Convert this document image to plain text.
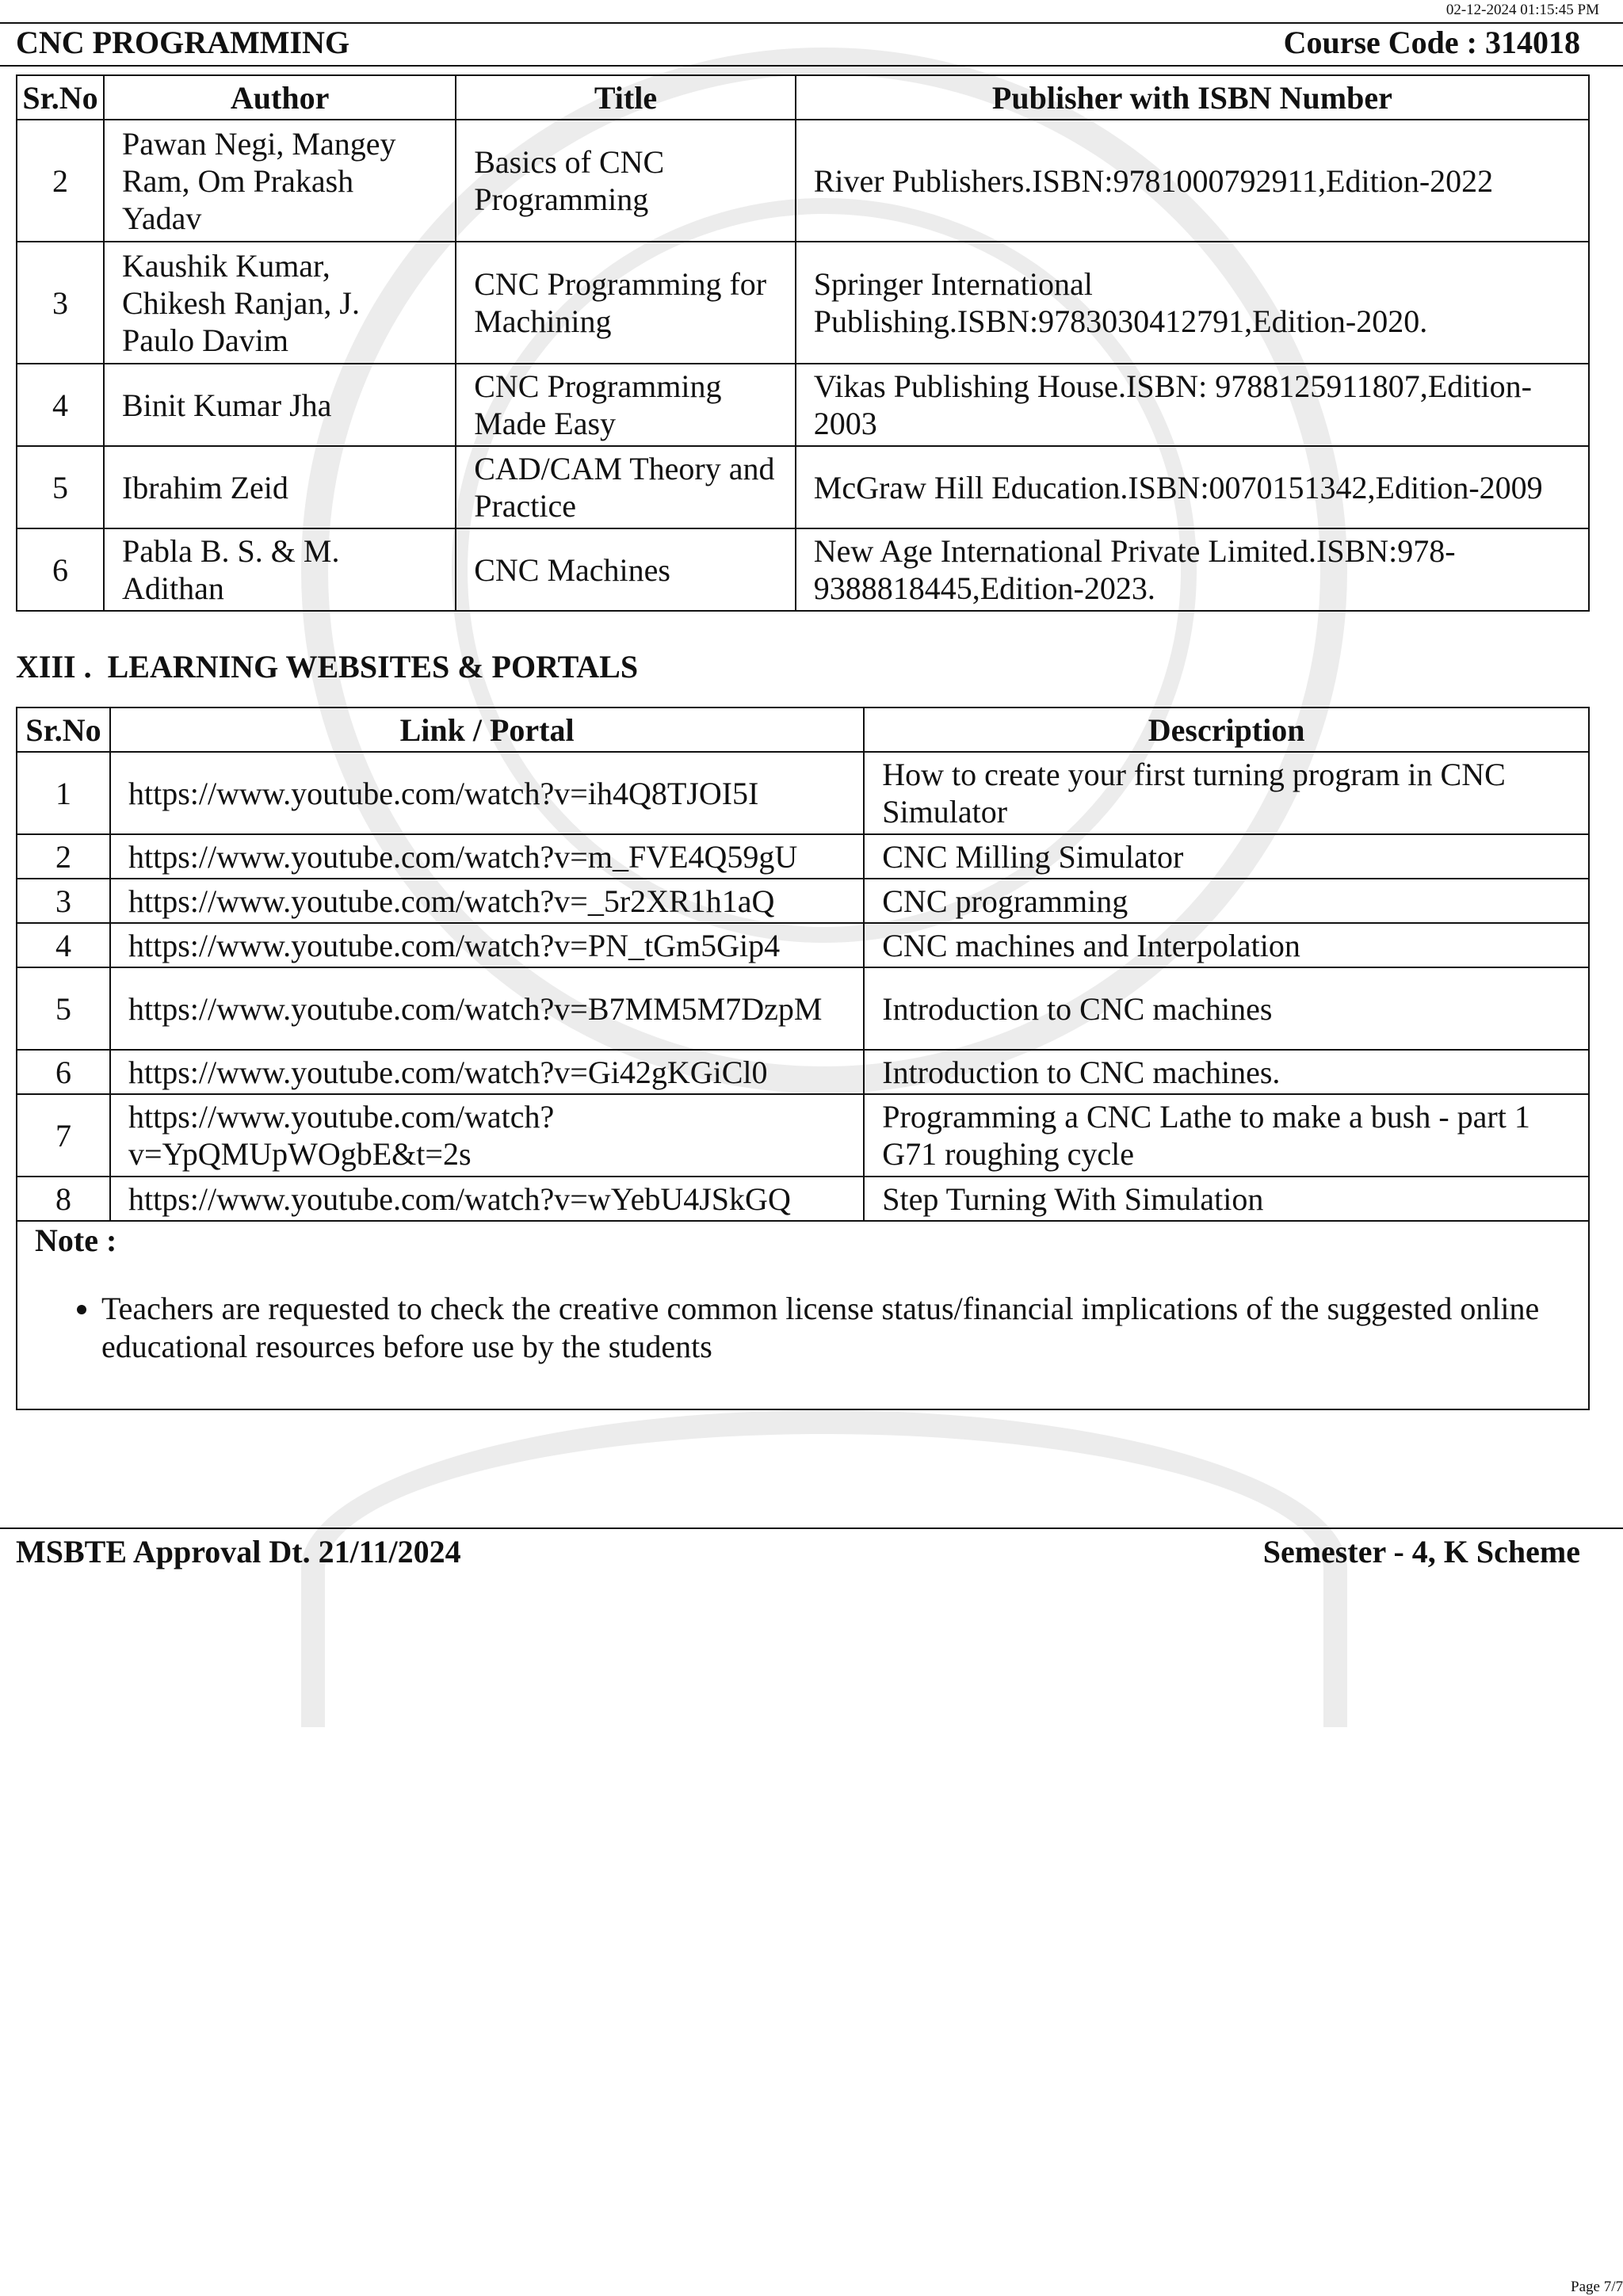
02-12-2024 01:15:45 PM
CNC PROGRAMMING	Course Code : 314018
Sr.No	Author	Title	Publisher with ISBN Number
2	Pawan Negi, Mangey Ram, Om Prakash Yadav	Basics of CNC Programming	River Publishers.ISBN:9781000792911,Edition-2022
3	Kaushik Kumar, Chikesh Ranjan, J. Paulo Davim	CNC Programming for Machining	Springer International Publishing.ISBN:9783030412791,Edition-2020.
4	Binit Kumar Jha	CNC Programming Made Easy	Vikas Publishing House.ISBN: 9788125911807,Edition-2003
5	Ibrahim Zeid	CAD/CAM Theory and Practice	McGraw Hill Education.ISBN:0070151342,Edition-2009
6	Pabla B. S. & M. Adithan	CNC Machines	New Age International Private Limited.ISBN:978-9388818445,Edition-2023.
XIII . LEARNING WEBSITES & PORTALS
Sr.No	Link / Portal	Description
1	https://www.youtube.com/watch?v=ih4Q8TJOI5I	How to create your first turning program in CNC Simulator
2	https://www.youtube.com/watch?v=m_FVE4Q59gU	CNC Milling Simulator
3	https://www.youtube.com/watch?v=_5r2XR1h1aQ	CNC programming
4	https://www.youtube.com/watch?v=PN_tGm5Gip4	CNC machines and Interpolation
5	https://www.youtube.com/watch?v=B7MM5M7DzpM	Introduction to CNC machines
6	https://www.youtube.com/watch?v=Gi42gKGiCl0	Introduction to CNC machines.
7	https://www.youtube.com/watch?v=YpQMUpWOgbE&t=2s	Programming a CNC Lathe to make a bush - part 1 G71 roughing cycle
8	https://www.youtube.com/watch?v=wYebU4JSkGQ	Step Turning With Simulation
Note :
• Teachers are requested to check the creative common license status/financial implications of the suggested online educational resources before use by the students
MSBTE Approval Dt. 21/11/2024	Semester - 4, K Scheme
Page 7/7
